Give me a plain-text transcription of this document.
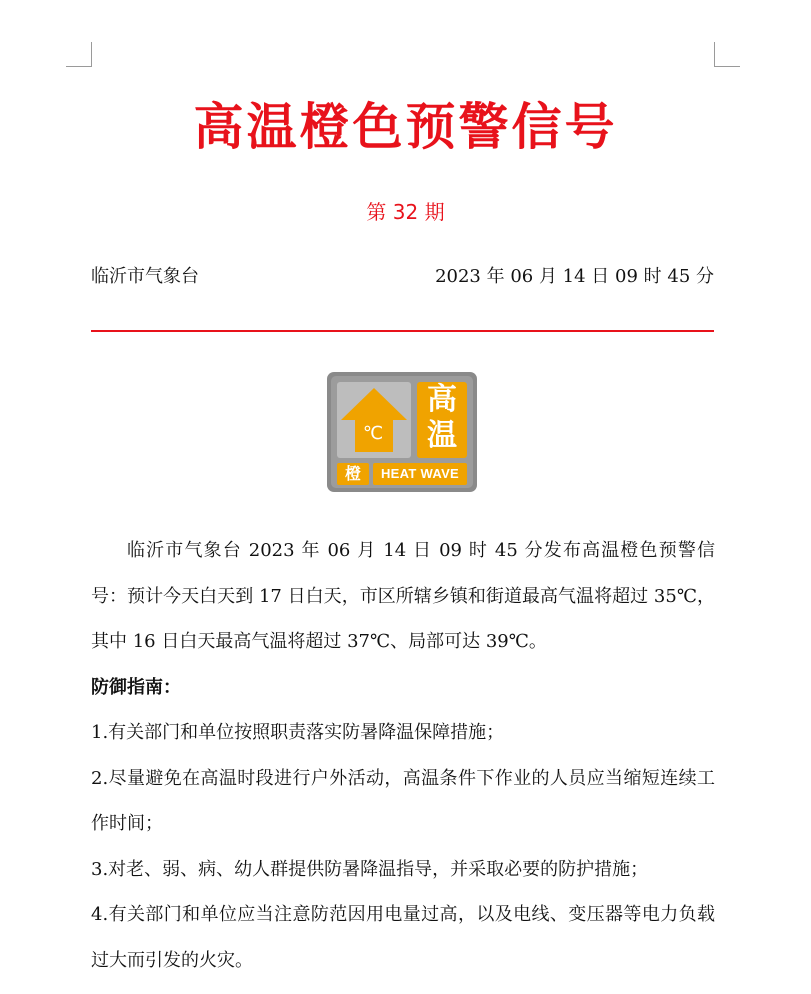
高温橙色预警信号
第 32 期
临沂市气象台	2023 年 06 月 14 日 09 时 45 分
℃
高
温
橙	HEAT WAVE

临沂市气象台 2023 年 06 月 14 日 09 时 45 分发布高温橙色预警信号：预计今天白天到 17 日白天，市区所辖乡镇和街道最高气温将超过 35℃，其中 16 日白天最高气温将超过 37℃、局部可达 39℃。

防御指南：

1.有关部门和单位按照职责落实防暑降温保障措施；

2.尽量避免在高温时段进行户外活动，高温条件下作业的人员应当缩短连续工作时间；

3.对老、弱、病、幼人群提供防暑降温指导，并采取必要的防护措施；

4.有关部门和单位应当注意防范因用电量过高，以及电线、变压器等电力负载过大而引发的火灾。
